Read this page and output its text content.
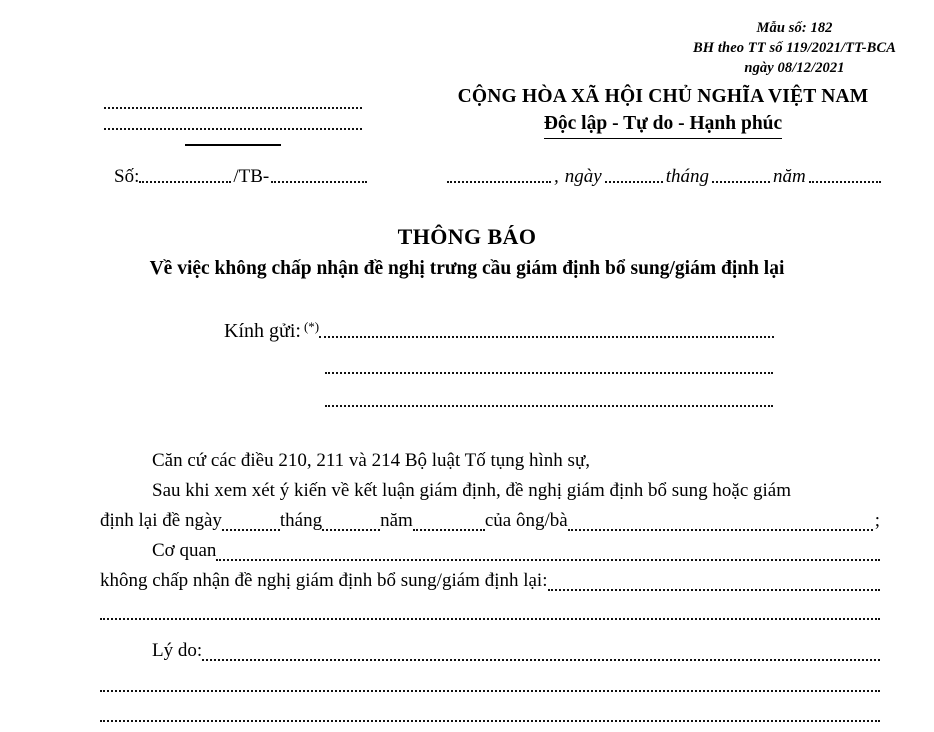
Mẫu số: 182
BH theo TT số 119/2021/TT-BCA
ngày 08/12/2021
Số:	/TB-
CỘNG HÒA XÃ HỘI CHỦ NGHĨA VIỆT NAM
Độc lập - Tự do - Hạnh phúc
, ngày	tháng	năm
THÔNG BÁO
Về việc không chấp nhận đề nghị trưng cầu giám định bổ sung/giám định lại
Kính gửi: (*)
Căn cứ các điều 210, 211 và 214 Bộ luật Tố tụng hình sự,
Sau khi xem xét ý kiến về kết luận giám định, đề nghị giám định bổ sung hoặc giám
định lại đề ngày	tháng	năm	của ông/bà	;
Cơ quan
không chấp nhận đề nghị giám định bổ sung/giám định lại:
Lý do:
